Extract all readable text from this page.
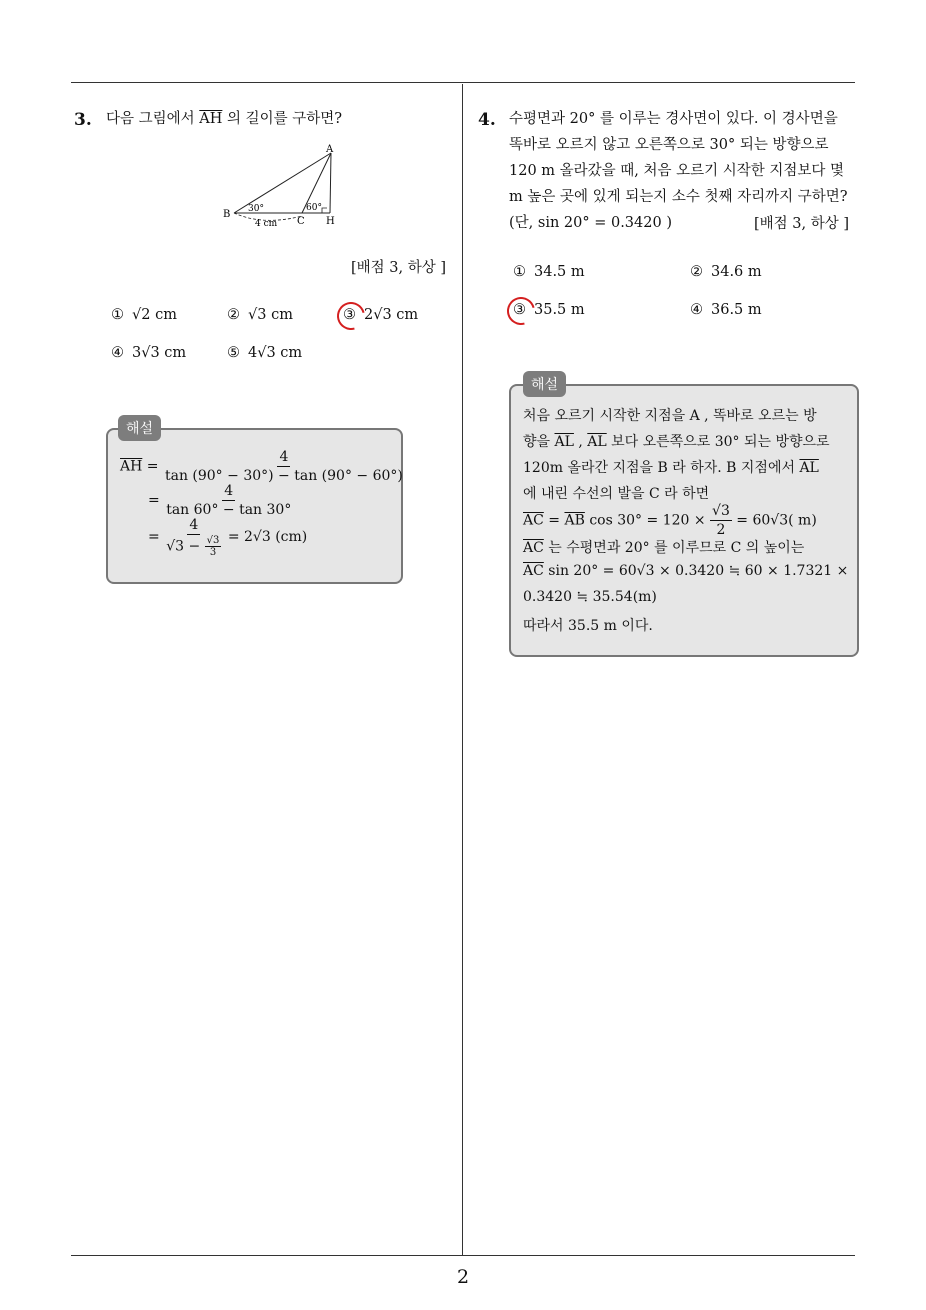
2
3. 다음 그림에서 $\overline{AH}$ 의 길이를 구하면?
A
B
C H
30°	60°
4 cm
[배점 3, 하상 ]
① √2 cm	② √3 cm	③ 2√3 cm
④ 3√3 cm	⑤ 4√3 cm
해설
$\overline{AH} = \frac{4}{\tan (90^\circ - 30^\circ) - \tan (90^\circ - 60^\circ)}$
= $\frac{4}{\tan 60^\circ - \tan 30^\circ}$
= $\frac{4}{√3 - \frac{√3}{3}} = 2√3$ (cm)
4. 수평면과 20° 를 이루는 경사면이 있다. 이 경사면을
똑바로 오르지 않고 오른쪽으로 30° 되는 방향으로
120 m 올라갔을 때, 처음 오르기 시작한 지점보다 몇
m 높은 곳에 있게 되는지 소수 첫째 자리까지 구하면?
(단, sin 20° = 0.3420 )	[배점 3, 하상 ]
① 34.5 m	② 34.6 m
③ 35.5 m	④ 36.5 m
해설
처음 오르기 시작한 지점을 A , 똑바로 오르는 방
향을 $\overline{AL}$ , $\overline{AL}$ 보다 오른쪽으로 30° 되는 방향으로
120m 올라간 지점을 B 라 하자. B 지점에서 $\overline{AL}$
에 내린 수선의 발을 C 라 하면
$\overline{AC} = \overline{AB}$ $\cos 30^\circ = 120 \times \frac{√3}{2} = 60√3$( m)
$\overline{AC}$ 는 수평면과 20° 를 이루므로 C 의 높이는
$\overline{AC}$ sin 20° = 60√3 × 0.3420 ≒ 60 × 1.7321 ×
0.3420 ≒ 35.54(m)
따라서 35.5 m 이다.
